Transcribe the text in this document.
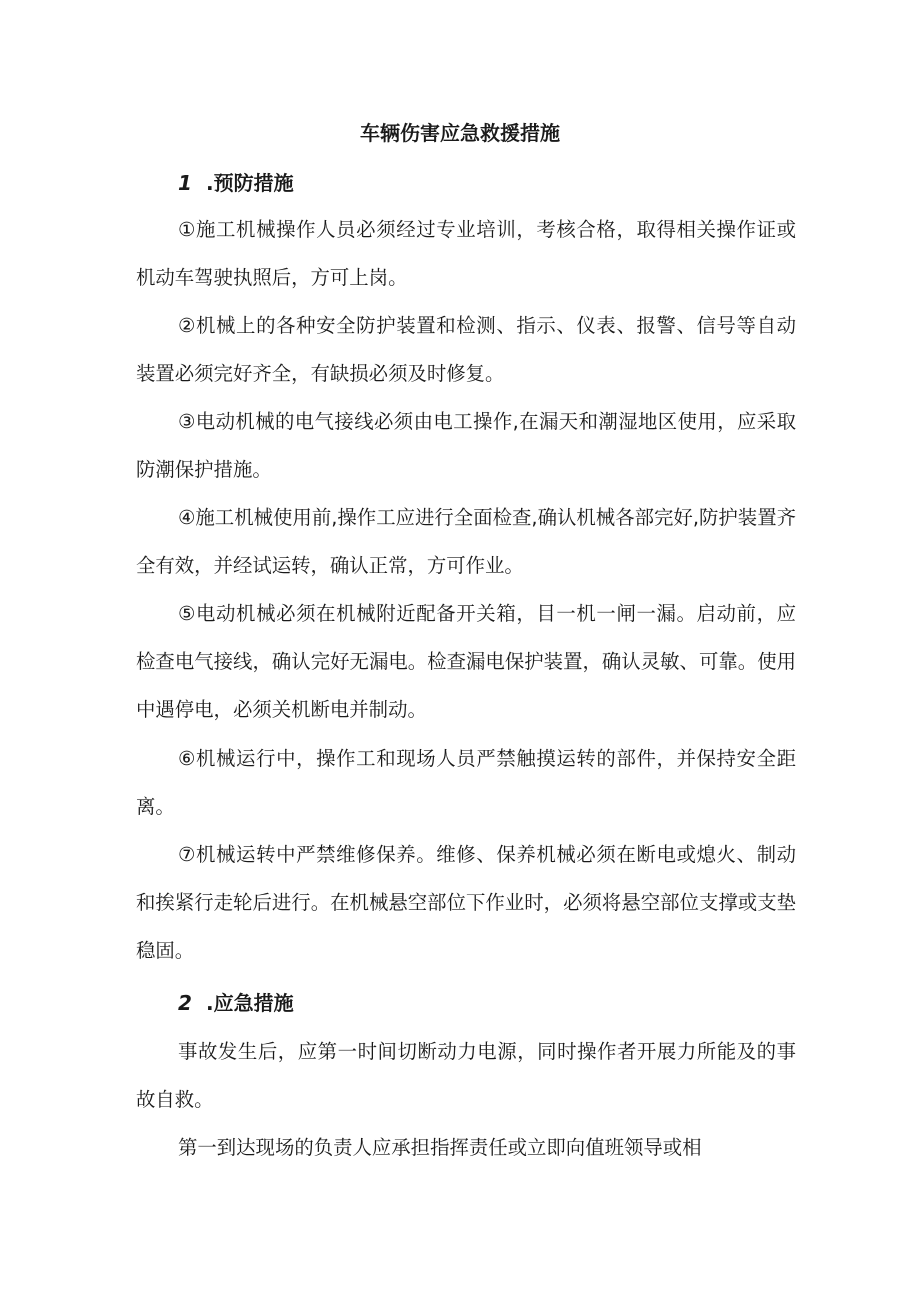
车辆伤害应急救援措施
1 .预防措施
①施工机械操作人员必须经过专业培训，考核合格，取得相关操作证或机动车驾驶执照后，方可上岗。
②机械上的各种安全防护装置和检测、指示、仪表、报警、信号等自动装置必须完好齐全，有缺损必须及时修复。
③电动机械的电气接线必须由电工操作,在漏天和潮湿地区使用，应采取防潮保护措施。
④施工机械使用前,操作工应进行全面检查,确认机械各部完好,防护装置齐全有效，并经试运转，确认正常，方可作业。
⑤电动机械必须在机械附近配备开关箱，目一机一闸一漏。启动前，应检查电气接线，确认完好无漏电。检查漏电保护装置，确认灵敏、可靠。使用中遇停电，必须关机断电并制动。
⑥机械运行中，操作工和现场人员严禁触摸运转的部件，并保持安全距离。
⑦机械运转中严禁维修保养。维修、保养机械必须在断电或熄火、制动和挨紧行走轮后进行。在机械悬空部位下作业时，必须将悬空部位支撑或支垫稳固。
2 .应急措施
事故发生后，应第一时间切断动力电源，同时操作者开展力所能及的事故自救。
第一到达现场的负责人应承担指挥责任或立即向值班领导或相
